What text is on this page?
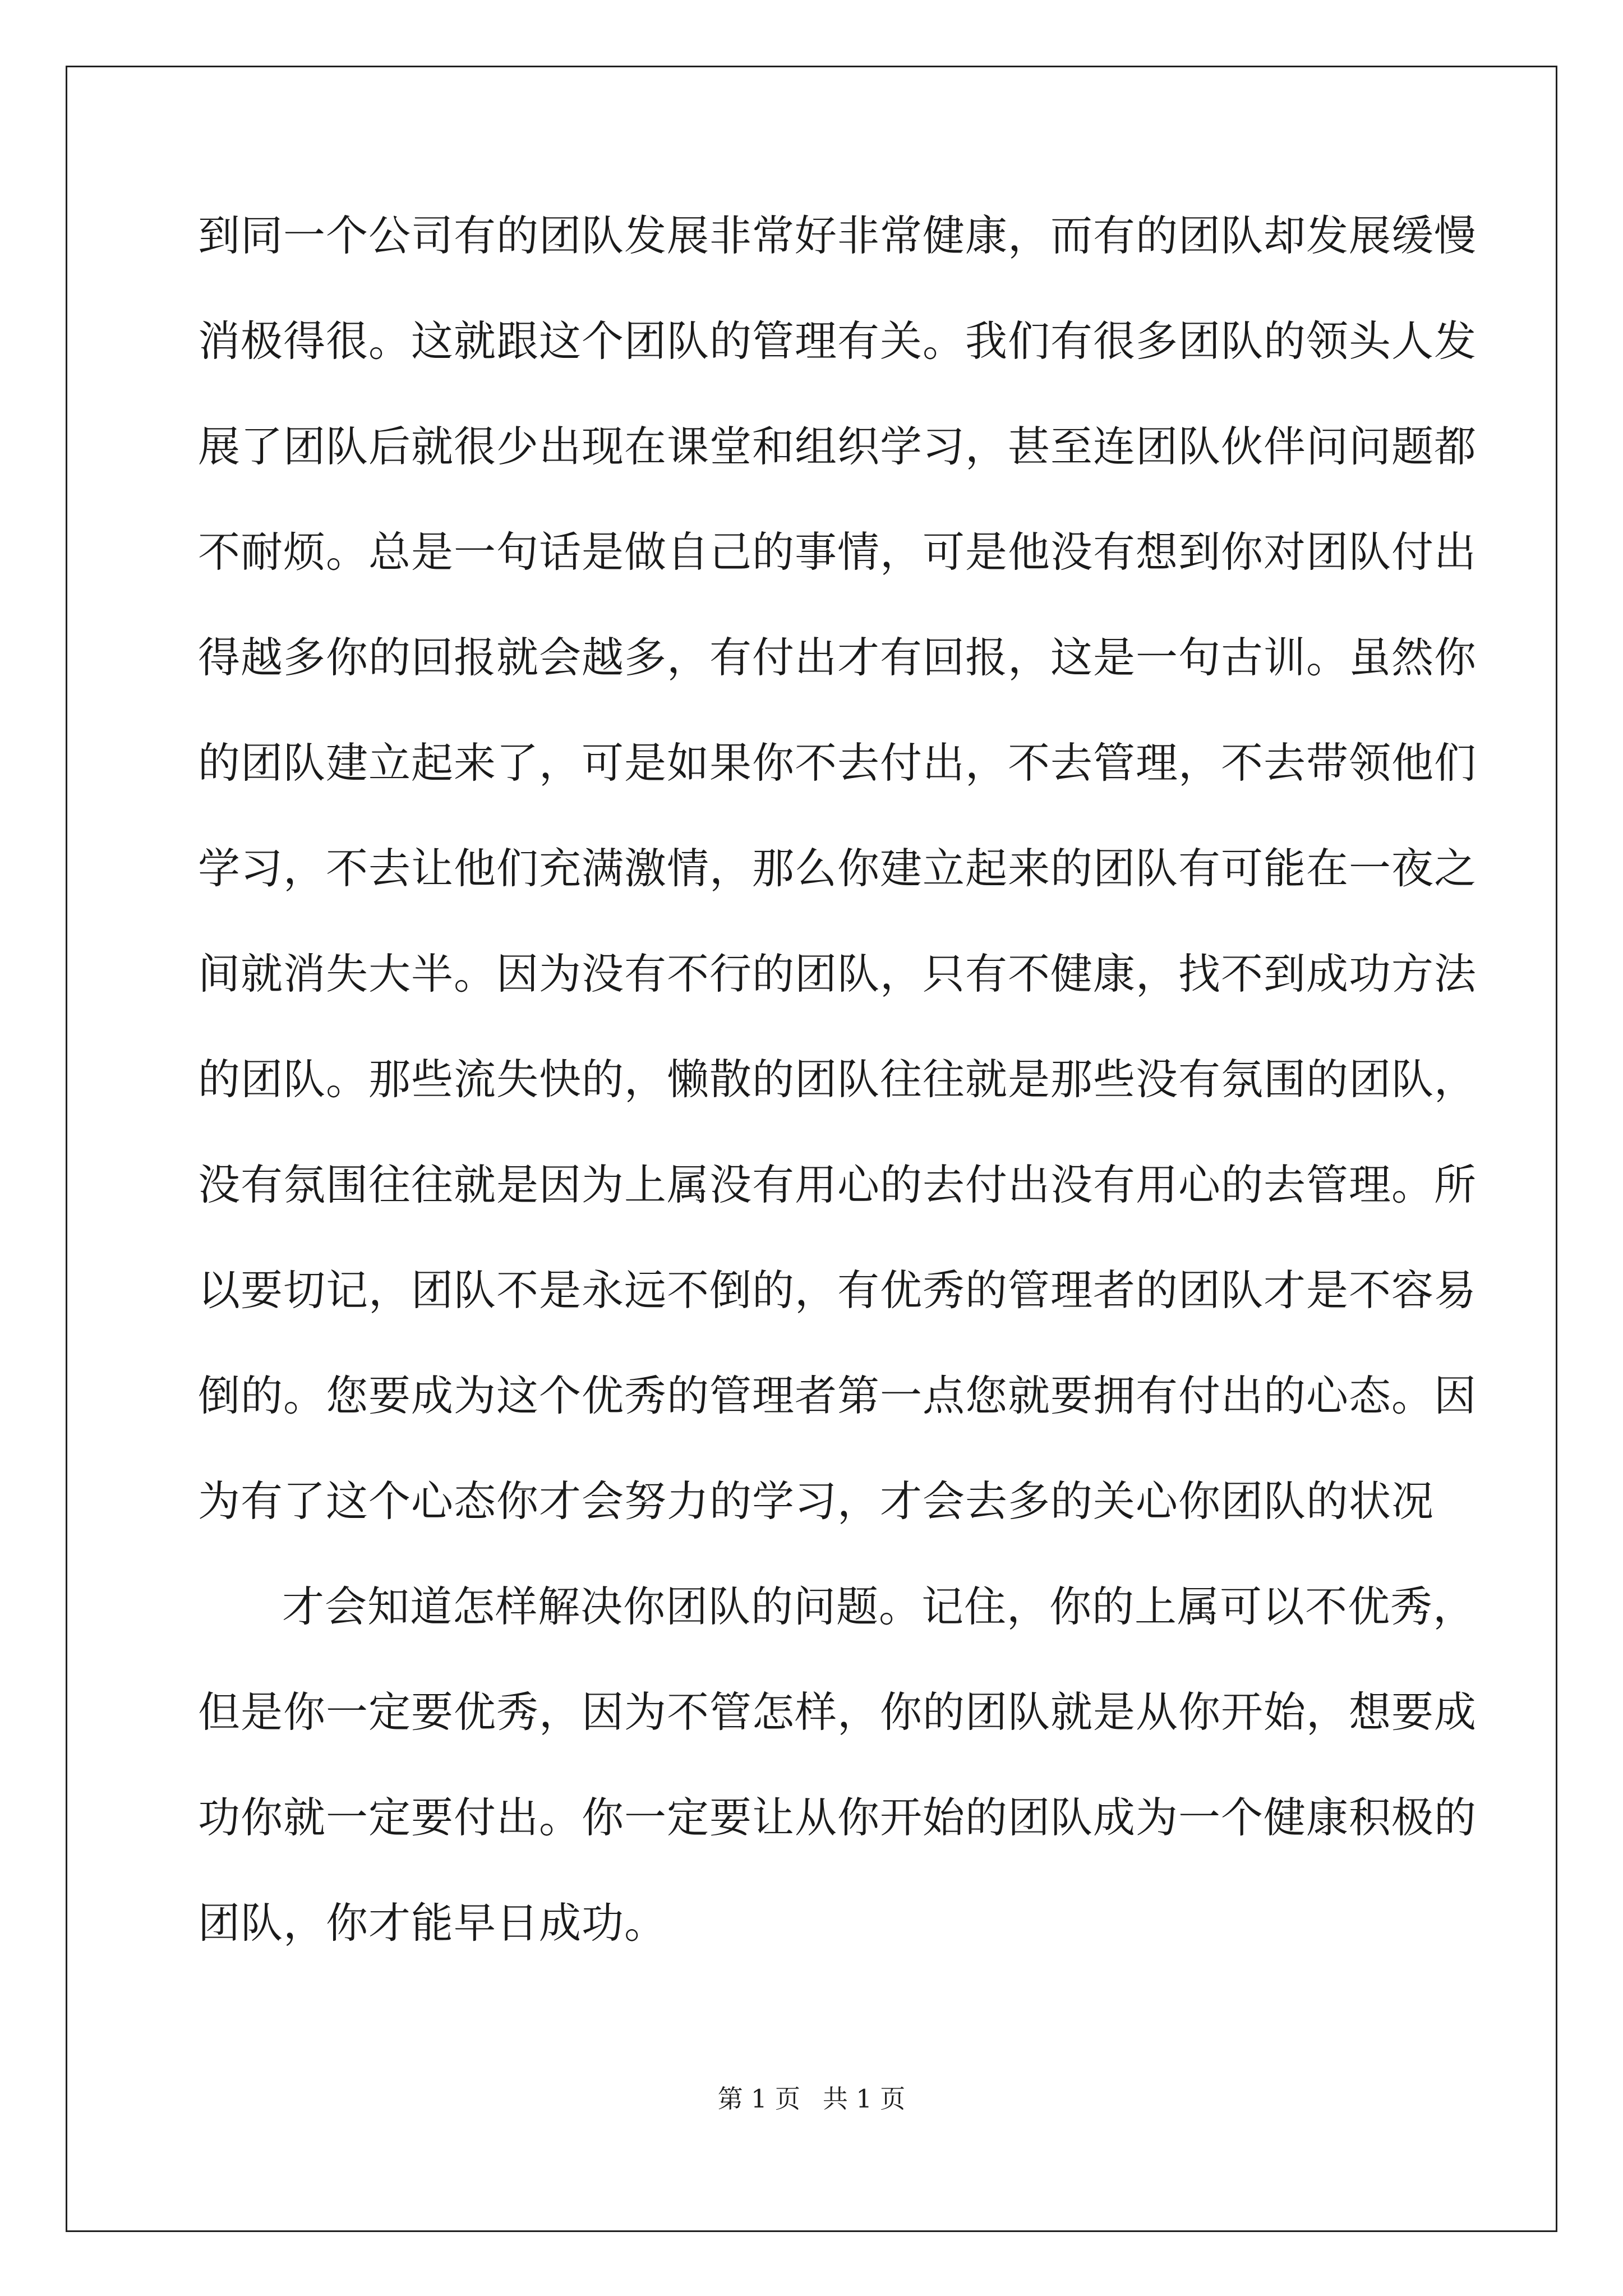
到同一个公司有的团队发展非常好非常健康，而有的团队却发展缓慢
消极得很。这就跟这个团队的管理有关。我们有很多团队的领头人发
展了团队后就很少出现在课堂和组织学习，甚至连团队伙伴问问题都
不耐烦。总是一句话是做自己的事情，可是他没有想到你对团队付出
得越多你的回报就会越多，有付出才有回报，这是一句古训。虽然你
的团队建立起来了，可是如果你不去付出，不去管理，不去带领他们
学习，不去让他们充满激情，那么你建立起来的团队有可能在一夜之
间就消失大半。因为没有不行的团队，只有不健康，找不到成功方法
的团队。那些流失快的，懒散的团队往往就是那些没有氛围的团队，
没有氛围往往就是因为上属没有用心的去付出没有用心的去管理。所
以要切记，团队不是永远不倒的，有优秀的管理者的团队才是不容易
倒的。您要成为这个优秀的管理者第一点您就要拥有付出的心态。因
为有了这个心态你才会努力的学习，才会去多的关心你团队的状况
才会知道怎样解决你团队的问题。记住，你的上属可以不优秀，
但是你一定要优秀，因为不管怎样，你的团队就是从你开始，想要成
功你就一定要付出。你一定要让从你开始的团队成为一个健康积极的
团队，你才能早日成功。
第 1 页 共 1 页
